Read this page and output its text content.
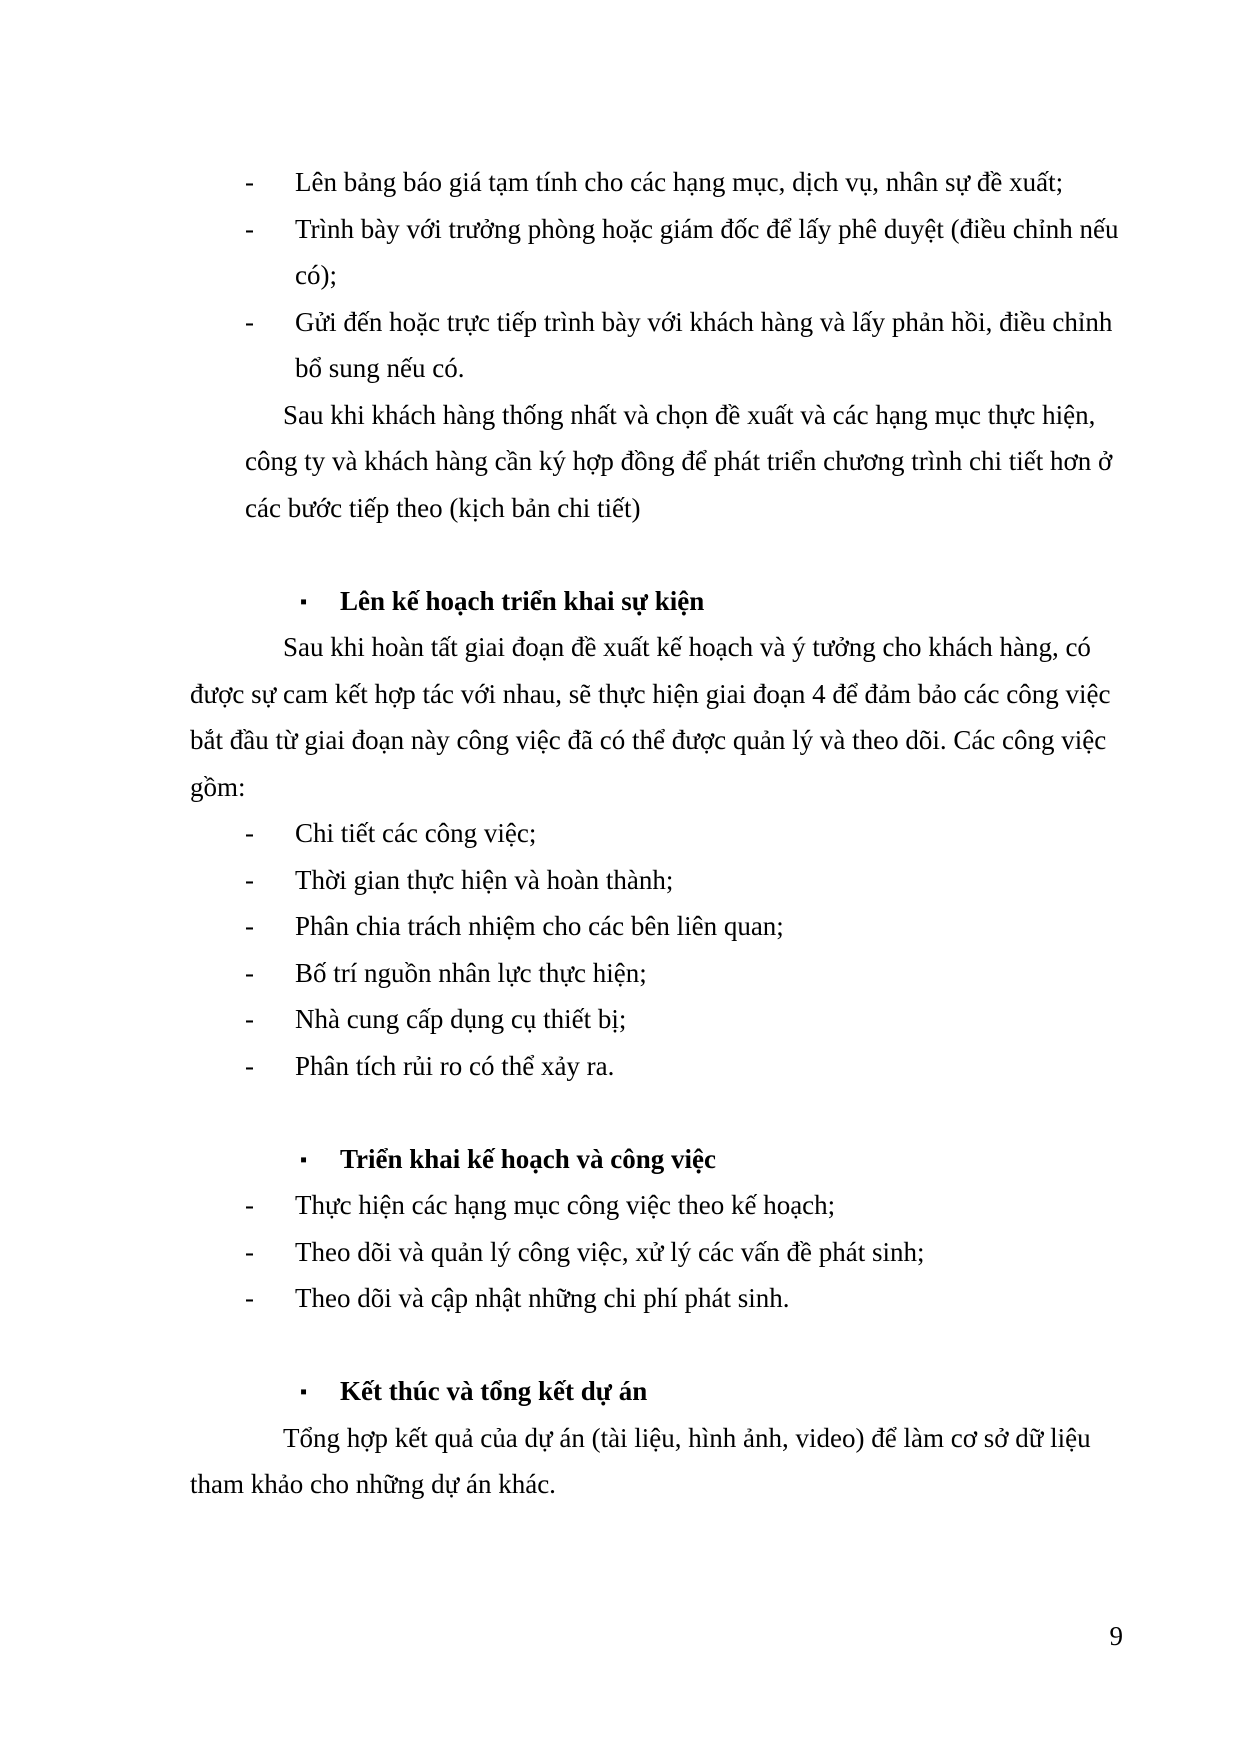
- Lên bảng báo giá tạm tính cho các hạng mục, dịch vụ, nhân sự đề xuất;
- Trình bày với trưởng phòng hoặc giám đốc để lấy phê duyệt (điều chỉnh nếu
có);
- Gửi đến hoặc trực tiếp trình bày với khách hàng và lấy phản hồi, điều chỉnh
bổ sung nếu có.
Sau khi khách hàng thống nhất và chọn đề xuất và các hạng mục thực hiện,
công ty và khách hàng cần ký hợp đồng để phát triển chương trình chi tiết hơn ở
các bước tiếp theo (kịch bản chi tiết)
▪ Lên kế hoạch triển khai sự kiện
Sau khi hoàn tất giai đoạn đề xuất kế hoạch và ý tưởng cho khách hàng, có
được sự cam kết hợp tác với nhau, sẽ thực hiện giai đoạn 4 để đảm bảo các công việc
bắt đầu từ giai đoạn này công việc đã có thể được quản lý và theo dõi. Các công việc
gồm:
- Chi tiết các công việc;
- Thời gian thực hiện và hoàn thành;
- Phân chia trách nhiệm cho các bên liên quan;
- Bố trí nguồn nhân lực thực hiện;
- Nhà cung cấp dụng cụ thiết bị;
- Phân tích rủi ro có thể xảy ra.
▪ Triển khai kế hoạch và công việc
- Thực hiện các hạng mục công việc theo kế hoạch;
- Theo dõi và quản lý công việc, xử lý các vấn đề phát sinh;
- Theo dõi và cập nhật những chi phí phát sinh.
▪ Kết thúc và tổng kết dự án
Tổng hợp kết quả của dự án (tài liệu, hình ảnh, video) để làm cơ sở dữ liệu
tham khảo cho những dự án khác.
9
